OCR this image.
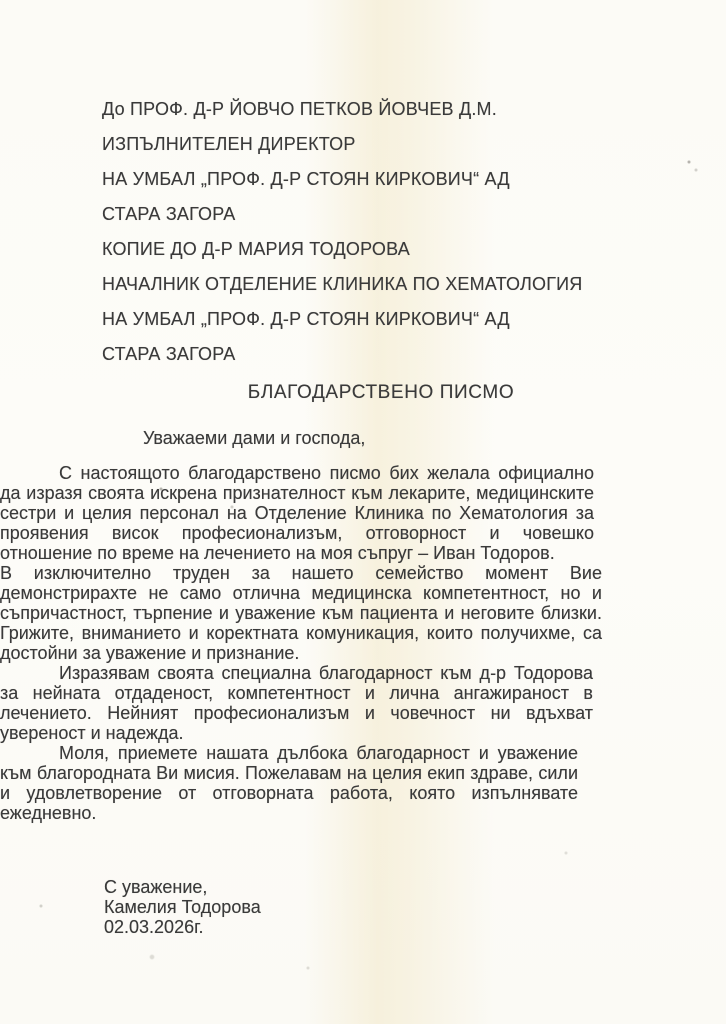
До ПРОФ. Д-Р ЙОВЧО ПЕТКОВ ЙОВЧЕВ Д.М.
ИЗПЪЛНИТЕЛЕН ДИРЕКТОР
НА УМБАЛ „ПРОФ. Д-Р СТОЯН КИРКОВИЧ“ АД
СТАРА ЗАГОРА
КОПИЕ ДО Д-Р МАРИЯ ТОДОРОВА
НАЧАЛНИК ОТДЕЛЕНИЕ КЛИНИКА ПО ХЕМАТОЛОГИЯ
НА УМБАЛ „ПРОФ. Д-Р СТОЯН КИРКОВИЧ“ АД
СТАРА ЗАГОРА
БЛАГОДАРСТВЕНО ПИСМО
Уважаеми дами и господа,

С настоящото благодарствено писмо бих желала официално да изразя своята искрена признателност към лекарите, медицинските сестри и целия персонал на Отделение Клиника по Хематология за проявения висок професионализъм, отговорност и човешко отношение по време на лечението на моя съпруг – Иван Тодоров.

В изключително труден за нашето семейство момент Вие демонстрирахте не само отлична медицинска компетентност, но и съпричастност, търпение и уважение към пациента и неговите близки. Грижите, вниманието и коректната комуникация, които получихме, са достойни за уважение и признание.

Изразявам своята специална благодарност към д-р Тодорова за нейната отдаденост, компетентност и лична ангажираност в лечението. Нейният професионализъм и човечност ни вдъхват увереност и надежда.

Моля, приемете нашата дълбока благодарност и уважение към благородната Ви мисия. Пожелавам на целия екип здраве, сили и удовлетворение от отговорната работа, която изпълнявате ежедневно.

С уважение,
Камелия Тодорова
02.03.2026г.
